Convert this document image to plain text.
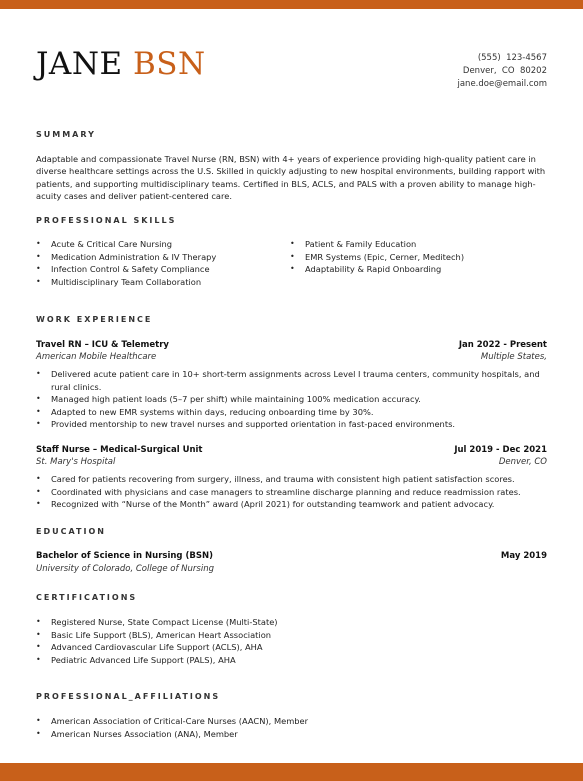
JANE BSN	(555)  123-4567
Denver,  CO  80202
jane.doe@email.com
SUMMARY

Adaptable and compassionate Travel Nurse (RN, BSN) with 4+ years of experience providing high-quality patient care in diverse healthcare settings across the U.S. Skilled in quickly adjusting to new hospital environments, building rapport with patients, and supporting multidisciplinary teams. Certified in BLS, ACLS, and PALS with a proven ability to manage high-acuity cases and deliver patient-centered care.

PROFESSIONAL SKILLS
• Acute & Critical Care Nursing
• Medication Administration & IV Therapy
• Infection Control & Safety Compliance
• Multidisciplinary Team Collaboration
• Patient & Family Education
• EMR Systems (Epic, Cerner, Meditech)
• Adaptability & Rapid Onboarding
WORK EXPERIENCE
Travel RN – ICU & Telemetry	Jan 2022 - Present
American Mobile Healthcare	Multiple States,
• Delivered acute patient care in 10+ short-term assignments across Level I trauma centers, community hospitals, and rural clinics.
• Managed high patient loads (5–7 per shift) while maintaining 100% medication accuracy.
• Adapted to new EMR systems within days, reducing onboarding time by 30%.
• Provided mentorship to new travel nurses and supported orientation in fast-paced environments.
Staff Nurse – Medical-Surgical Unit	Jul 2019 - Dec 2021
St. Mary's Hospital	Denver, CO
• Cared for patients recovering from surgery, illness, and trauma with consistent high patient satisfaction scores.
• Coordinated with physicians and case managers to streamline discharge planning and reduce readmission rates.
• Recognized with “Nurse of the Month” award (April 2021) for outstanding teamwork and patient advocacy.
EDUCATION
Bachelor of Science in Nursing (BSN)	May 2019
University of Colorado, College of Nursing
CERTIFICATIONS
• Registered Nurse, State Compact License (Multi-State)
• Basic Life Support (BLS), American Heart Association
• Advanced Cardiovascular Life Support (ACLS), AHA
• Pediatric Advanced Life Support (PALS), AHA
PROFESSIONAL_AFFILIATIONS
• American Association of Critical-Care Nurses (AACN), Member
• American Nurses Association (ANA), Member
